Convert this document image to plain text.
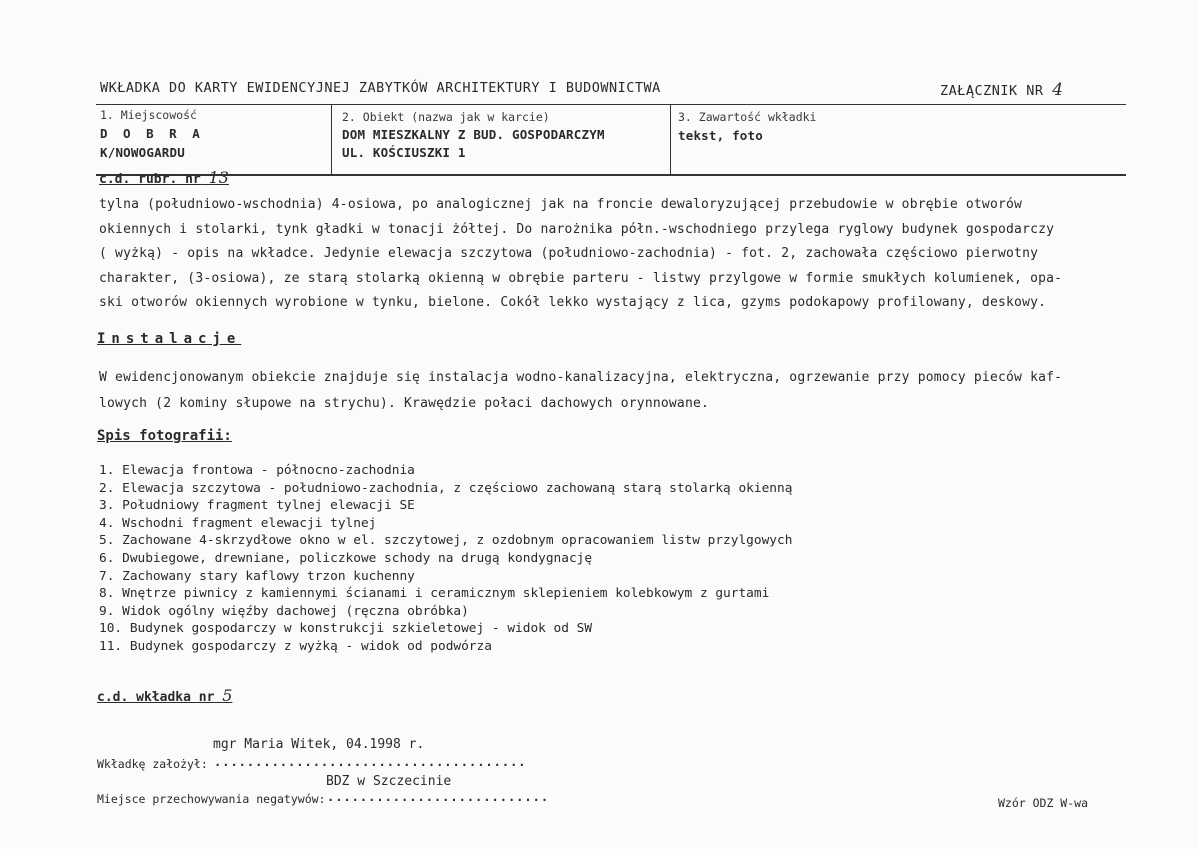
WKŁADKA DO KARTY EWIDENCYJNEJ ZABYTKÓW ARCHITEKTURY I BUDOWNICTWA	ZAŁĄCZNIK NR 4
1. Miejscowość
D O B R A
K/NOWOGARDU
2. Obiekt (nazwa jak w karcie)
DOM MIESZKALNY Z BUD. GOSPODARCZYM
UL. KOŚCIUSZKI 1
3. Zawartość wkładki
tekst, foto
c.d. rubr. nr 13

tylna (południowo-wschodnia) 4-osiowa, po analogicznej jak na froncie dewaloryzującej przebudowie w obrębie otworów

okiennych i stolarki, tynk gładki w tonacji żółtej. Do narożnika półn.-wschodniego przylega ryglowy budynek gospodarczy

( wyżką) - opis na wkładce. Jedynie elewacja szczytowa (południowo-zachodnia) - fot. 2, zachowała częściowo pierwotny

charakter, (3-osiowa), ze starą stolarką okienną w obrębie parteru - listwy przylgowe w formie smukłych kolumienek, opa-

ski otworów okiennych wyrobione w tynku, bielone. Cokół lekko wystający z lica, gzyms podokapowy profilowany, deskowy.

Instalacje

W ewidencjonowanym obiekcie znajduje się instalacja wodno-kanalizacyjna, elektryczna, ogrzewanie przy pomocy pieców kaf-

lowych (2 kominy słupowe na strychu). Krawędzie połaci dachowych orynnowane.

Spis fotografii:
1. Elewacja frontowa - północno-zachodnia
2. Elewacja szczytowa - południowo-zachodnia, z częściowo zachowaną starą stolarką okienną
3. Południowy fragment tylnej elewacji SE
4. Wschodni fragment elewacji tylnej
5. Zachowane 4-skrzydłowe okno w el. szczytowej, z ozdobnym opracowaniem listw przylgowych
6. Dwubiegowe, drewniane, policzkowe schody na drugą kondygnację
7. Zachowany stary kaflowy trzon kuchenny
8. Wnętrze piwnicy z kamiennymi ścianami i ceramicznym sklepieniem kolebkowym z gurtami
9. Widok ogólny więźby dachowej (ręczna obróbka)
10. Budynek gospodarczy w konstrukcji szkieletowej - widok od SW
11. Budynek gospodarczy z wyżką - widok od podwórza
c.d. wkładka nr 5
mgr Maria Witek, 04.1998 r.
Wkładkę założył: ......................................
BDZ w Szczecinie
Miejsce przechowywania negatywów: ...........................	Wzór ODZ W-wa
